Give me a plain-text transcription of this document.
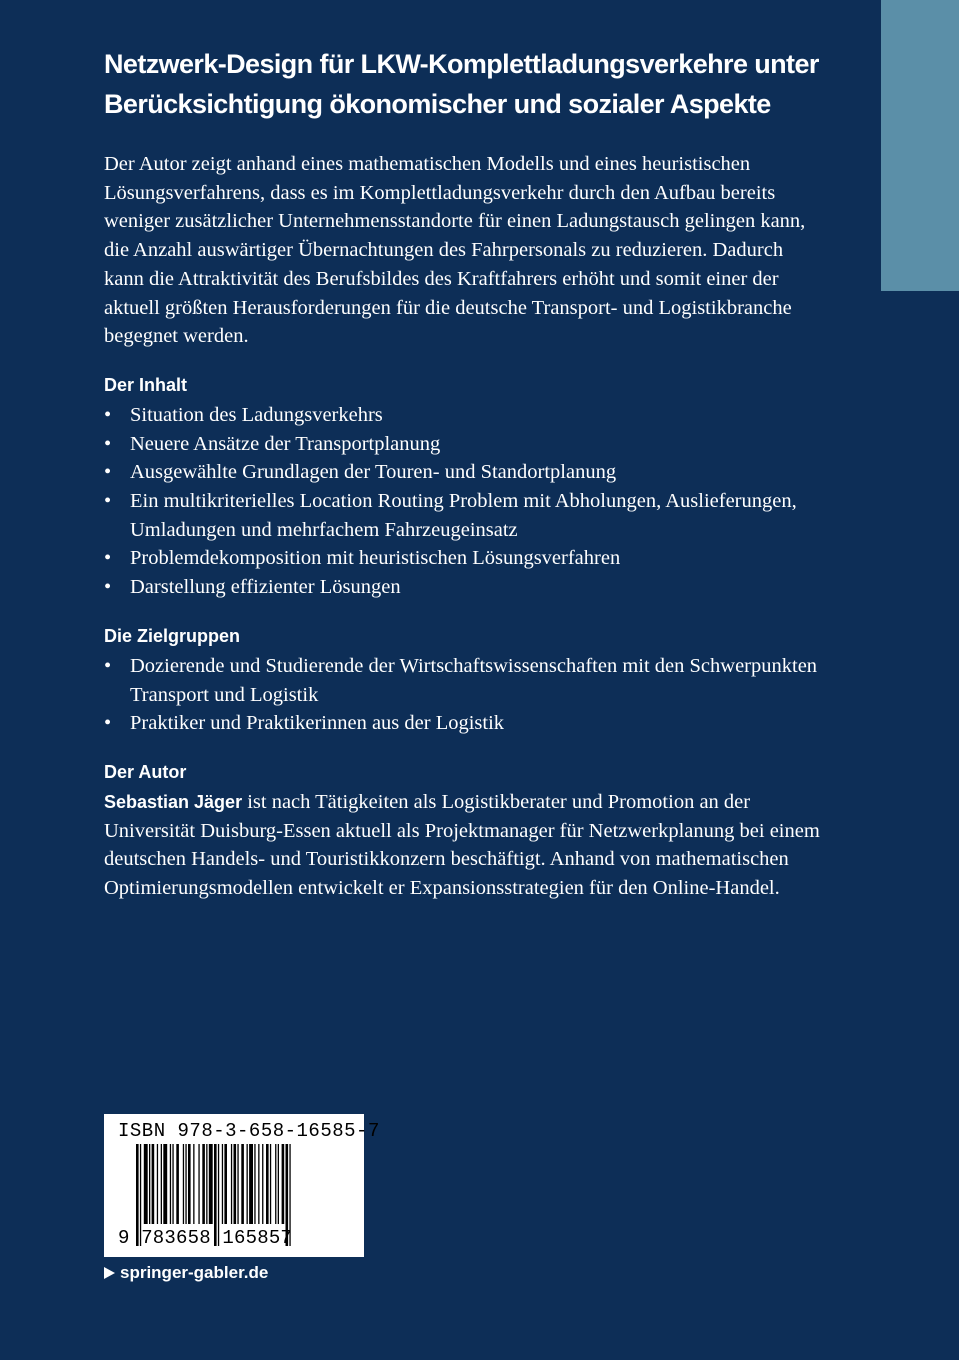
Netzwerk-Design für LKW-Komplettladungsverkehre unter
Berücksichtigung ökonomischer und sozialer Aspekte

Der Autor zeigt anhand eines mathematischen Modells und eines heuristischen Lösungsverfahrens, dass es im Komplettladungsverkehr durch den Aufbau bereits weniger zusätzlicher Unternehmensstandorte für einen Ladungstausch gelingen kann, die Anzahl auswärtiger Übernachtungen des Fahrpersonals zu reduzieren. Dadurch kann die Attraktivität des Berufsbildes des Kraftfahrers erhöht und somit einer der aktuell größten Herausforderungen für die deutsche Transport- und Logistikbranche begegnet werden.

Der Inhalt
• Situation des Ladungsverkehrs
• Neuere Ansätze der Transportplanung
• Ausgewählte Grundlagen der Touren- und Standortplanung
• Ein multikriterielles Location Routing Problem mit Abholungen, Auslieferungen, Umladungen und mehrfachem Fahrzeugeinsatz
• Problemdekomposition mit heuristischen Lösungsverfahren
• Darstellung effizienter Lösungen
Die Zielgruppen
• Dozierende und Studierende der Wirtschaftswissenschaften mit den Schwerpunkten Transport und Logistik
• Praktiker und Praktikerinnen aus der Logistik
Der Autor

Sebastian Jäger ist nach Tätigkeiten als Logistikberater und Promotion an der Universität Duisburg-Essen aktuell als Projektmanager für Netzwerkplanung bei einem deutschen Handels- und Touristikkonzern beschäftigt. Anhand von mathematischen Optimierungsmodellen entwickelt er Expansionsstrategien für den Online-Handel.

ISBN 978-3-658-16585-7
9 783658 165857
springer-gabler.de
